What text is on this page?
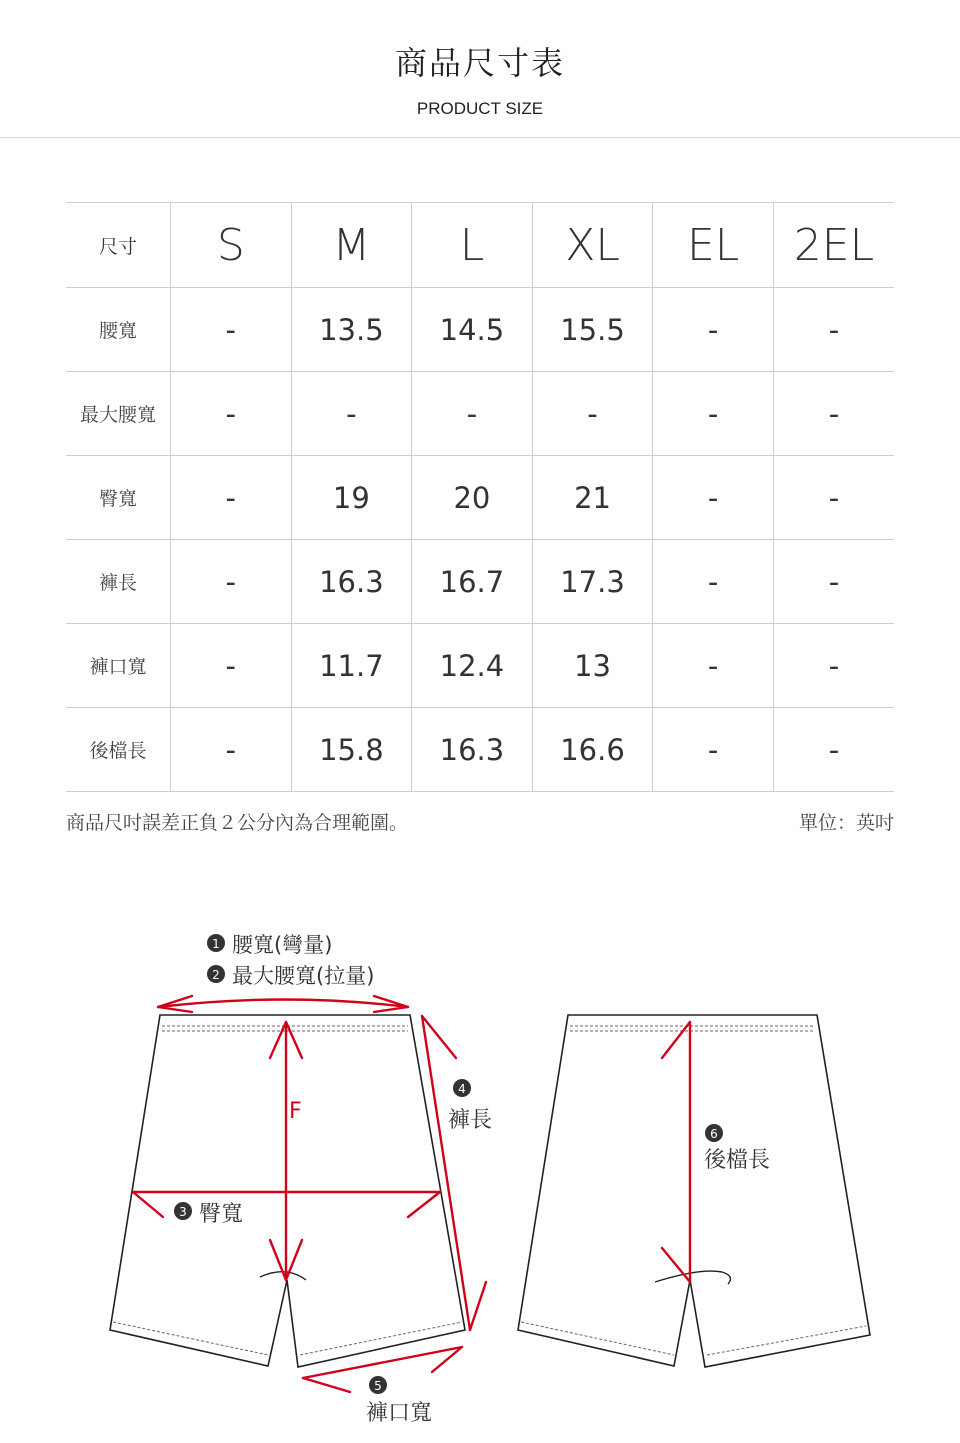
商品尺寸表
PRODUCT SIZE
尺寸	S	M	L	XL	EL	2EL
腰寬	-	13.5	14.5	15.5	-	-
最大腰寬	-	-	-	-	-	-
臀寬	-	19	20	21	-	-
褲長	-	16.3	16.7	17.3	-	-
褲口寬	-	11.7	12.4	13	-	-
後檔長	-	15.8	16.3	16.6	-	-
商品尺吋誤差正負２公分內為合理範圍。	單位：英吋
1 腰寬(彎量)
2 最大腰寬(拉量)
F
3 臀寬
4
褲長
5
褲口寬
6
後檔長
